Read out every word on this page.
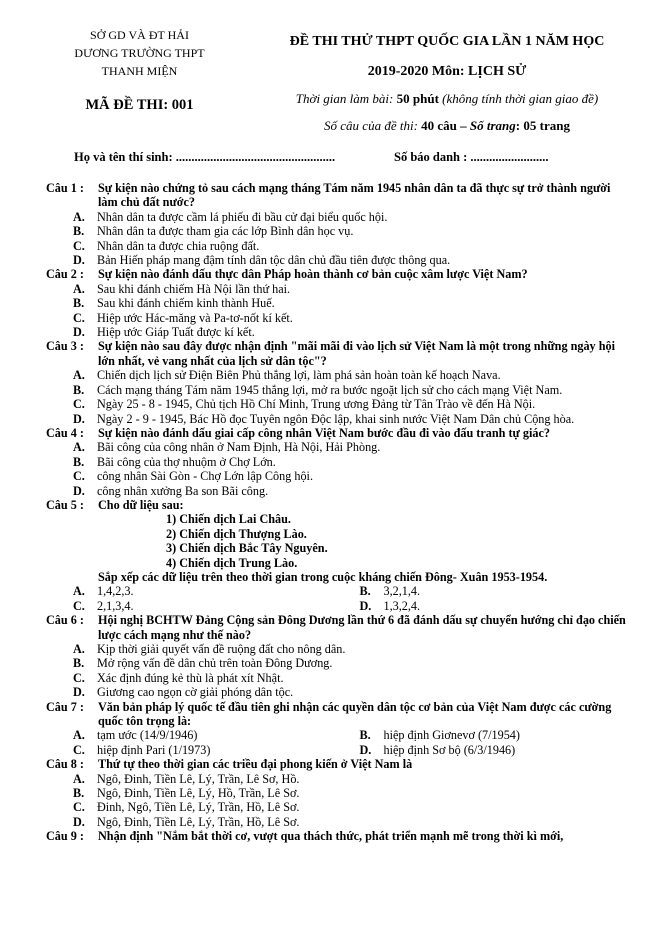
SỞ GD VÀ ĐT HẢI
DƯƠNG TRƯỜNG THPT
THANH MIỆN
MÃ ĐỀ THI: 001
ĐỀ THI THỬ THPT QUỐC GIA LẦN 1 NĂM HỌC
2019-2020 Môn: LỊCH SỬ
Thời gian làm bài: 50 phút (không tính thời gian giao đề)
Số câu của đề thi: 40 câu – Số trang: 05 trang
Họ và tên thí sinh: ...................................................	Số báo danh : .........................
Câu 1 :	Sự kiện nào chứng tỏ sau cách mạng tháng Tám năm 1945 nhân dân ta đã thực sự trở thành người làm chủ đất nước?
A. Nhân dân ta được cầm lá phiếu đi bầu cử đại biểu quốc hội.
B.	Nhân dân ta được tham gia các lớp Bình dân học vụ.
C. Nhân dân ta được chia ruộng đất.
D. Bản Hiến pháp mang đậm tính dân tộc dân chủ đầu tiên được thông qua.
Câu 2 :	Sự kiện nào đánh dấu thực dân Pháp hoàn thành cơ bản cuộc xâm lược Việt Nam?
A. Sau khi đánh chiếm Hà Nội lần thứ hai.
B.	Sau khi đánh chiếm kinh thành Huế.
C. Hiệp ước Hác-măng và Pa-tơ-nốt kí kết.
D. Hiệp ước Giáp Tuất được kí kết.
Câu 3 :	Sự kiện nào sau đây được nhận định "mãi mãi đi vào lịch sử Việt Nam là một trong những ngày hội lớn nhất, vẻ vang nhất của lịch sử dân tộc"?
A. Chiến dịch lịch sử Điện Biên Phủ thắng lợi, làm phá sản hoàn toàn kế hoạch Nava.
B.	Cách mạng tháng Tám năm 1945 thắng lợi, mở ra bước ngoặt lịch sử cho cách mạng Việt Nam.
C. Ngày 25 - 8 - 1945, Chủ tịch Hồ Chí Minh, Trung ương Đảng từ Tân Trào về đến Hà Nội.
D. Ngày 2 - 9 - 1945, Bác Hồ đọc Tuyên ngôn Độc lập, khai sinh nước Việt Nam Dân chủ Cộng hòa.
Câu 4 :	Sự kiện nào đánh dấu giai cấp công nhân Việt Nam bước đầu đi vào đấu tranh tự giác?
A. Bãi công của công nhân ở Nam Định, Hà Nội, Hải Phòng.
B.	Bãi công của thợ nhuộm ở Chợ Lớn.
C. công nhân Sài Gòn - Chợ Lớn lập Công hội.
D. công nhân xưởng Ba son Bãi công.
Câu 5 :	Cho dữ liệu sau:
1) Chiến dịch Lai Châu.
2) Chiến dịch Thượng Lào.
3) Chiến dịch Bắc Tây Nguyên.
4) Chiến dịch Trung Lào.
Sắp xếp các dữ liệu trên theo thời gian trong cuộc kháng chiến Đông- Xuân 1953-1954.
A. 1,4,2,3.	B.	3,2,1,4.
C. 2,1,3,4.	D. 1,3,2,4.
Câu 6 :	Hội nghị BCHTW Đảng Cộng sản Đông Dương lần thứ 6 đã đánh dấu sự chuyển hướng chỉ đạo chiến lược cách mạng như thế nào?
A. Kịp thời giải quyết vấn đề ruộng đất cho nông dân.
B.	Mở rộng vấn đề dân chủ trên toàn Đông Dương.
C. Xác định đúng kẻ thù là phát xít Nhật.
D. Giương cao ngọn cờ giải phóng dân tộc.
Câu 7 :	Văn bản pháp lý quốc tế đầu tiên ghi nhận các quyền dân tộc cơ bản của Việt Nam được các cường quốc tôn trọng là:
A. tạm ước (14/9/1946)	B.	hiệp định Giơnevơ (7/1954)
C. hiệp định Pari (1/1973)	D. hiệp định Sơ bộ (6/3/1946)
Câu 8 :	Thứ tự theo thời gian các triều đại phong kiến ở Việt Nam là
A. Ngô, Đinh, Tiền Lê, Lý, Trần, Lê Sơ, Hồ.
B.	Ngô, Đinh, Tiền Lê, Lý, Hồ, Trần, Lê Sơ.
C. Đinh, Ngô, Tiền Lê, Lý, Trần, Hồ, Lê Sơ.
D. Ngô, Đinh, Tiền Lê, Lý, Trần, Hồ, Lê Sơ.
Câu 9 :	Nhận định "Nắm bắt thời cơ, vượt qua thách thức, phát triển mạnh mẽ trong thời kì mới,
